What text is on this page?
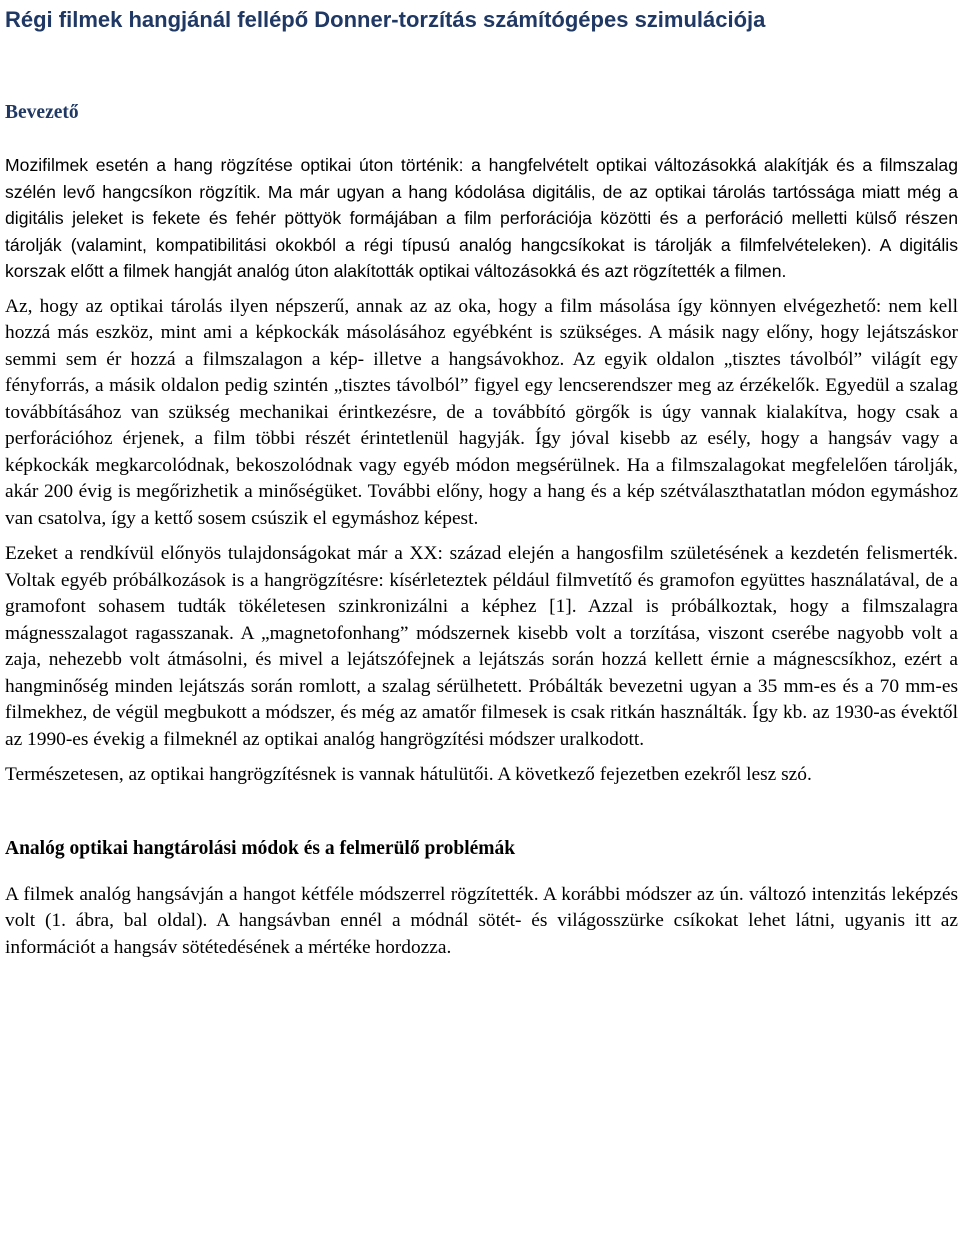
Régi filmek hangjánál fellépő Donner-torzítás számítógépes szimulációja
Bevezető

Mozifilmek esetén a hang rögzítése optikai úton történik: a hangfelvételt optikai változásokká alakítják és a filmszalag szélén levő hangcsíkon rögzítik. Ma már ugyan a hang kódolása digitális, de az optikai tárolás tartóssága miatt még a digitális jeleket is fekete és fehér pöttyök formájában a film perforációja közötti és a perforáció melletti külső részen tárolják (valamint, kompatibilitási okokból a régi típusú analóg hangcsíkokat is tárolják a filmfelvételeken). A digitális korszak előtt a filmek hangját analóg úton alakították optikai változásokká és azt rögzítették a filmen.

Az, hogy az optikai tárolás ilyen népszerű, annak az az oka, hogy a film másolása így könnyen elvégezhető: nem kell hozzá más eszköz, mint ami a képkockák másolásához egyébként is szükséges. A másik nagy előny, hogy lejátszáskor semmi sem ér hozzá a filmszalagon a kép- illetve a hangsávokhoz. Az egyik oldalon „tisztes távolból” világít egy fényforrás, a másik oldalon pedig szintén „tisztes távolból” figyel egy lencserendszer meg az érzékelők. Egyedül a szalag továbbításához van szükség mechanikai érintkezésre, de a továbbító görgők is úgy vannak kialakítva, hogy csak a perforációhoz érjenek, a film többi részét érintetlenül hagyják. Így jóval kisebb az esély, hogy a hangsáv vagy a képkockák megkarcolódnak, bekoszolódnak vagy egyéb módon megsérülnek. Ha a filmszalagokat megfelelően tárolják, akár 200 évig is megőrizhetik a minőségüket. További előny, hogy a hang és a kép szétválaszthatatlan módon egymáshoz van csatolva, így a kettő sosem csúszik el egymáshoz képest.

Ezeket a rendkívül előnyös tulajdonságokat már a XX: század elején a hangosfilm születésének a kezdetén felismerték. Voltak egyéb próbálkozások is a hangrögzítésre: kísérleteztek például filmvetítő és gramofon együttes használatával, de a gramofont sohasem tudták tökéletesen szinkronizálni a képhez [1]. Azzal is próbálkoztak, hogy a filmszalagra mágnesszalagot ragasszanak. A „magnetofonhang” módszernek kisebb volt a torzítása, viszont cserébe nagyobb volt a zaja, nehezebb volt átmásolni, és mivel a lejátszófejnek a lejátszás során hozzá kellett érnie a mágnescsíkhoz, ezért a hangminőség minden lejátszás során romlott, a szalag sérülhetett. Próbálták bevezetni ugyan a 35 mm-es és a 70 mm-es filmekhez, de végül megbukott a módszer, és még az amatőr filmesek is csak ritkán használták. Így kb. az 1930-as évektől az 1990-es évekig a filmeknél az optikai analóg hangrögzítési módszer uralkodott.

Természetesen, az optikai hangrögzítésnek is vannak hátulütői. A következő fejezetben ezekről lesz szó.

Analóg optikai hangtárolási módok és a felmerülő problémák

A filmek analóg hangsávján a hangot kétféle módszerrel rögzítették. A korábbi módszer az ún. változó intenzitás leképzés volt (1. ábra, bal oldal). A hangsávban ennél a módnál sötét- és világosszürke csíkokat lehet látni, ugyanis itt az információt a hangsáv sötétedésének a mértéke hordozza.
